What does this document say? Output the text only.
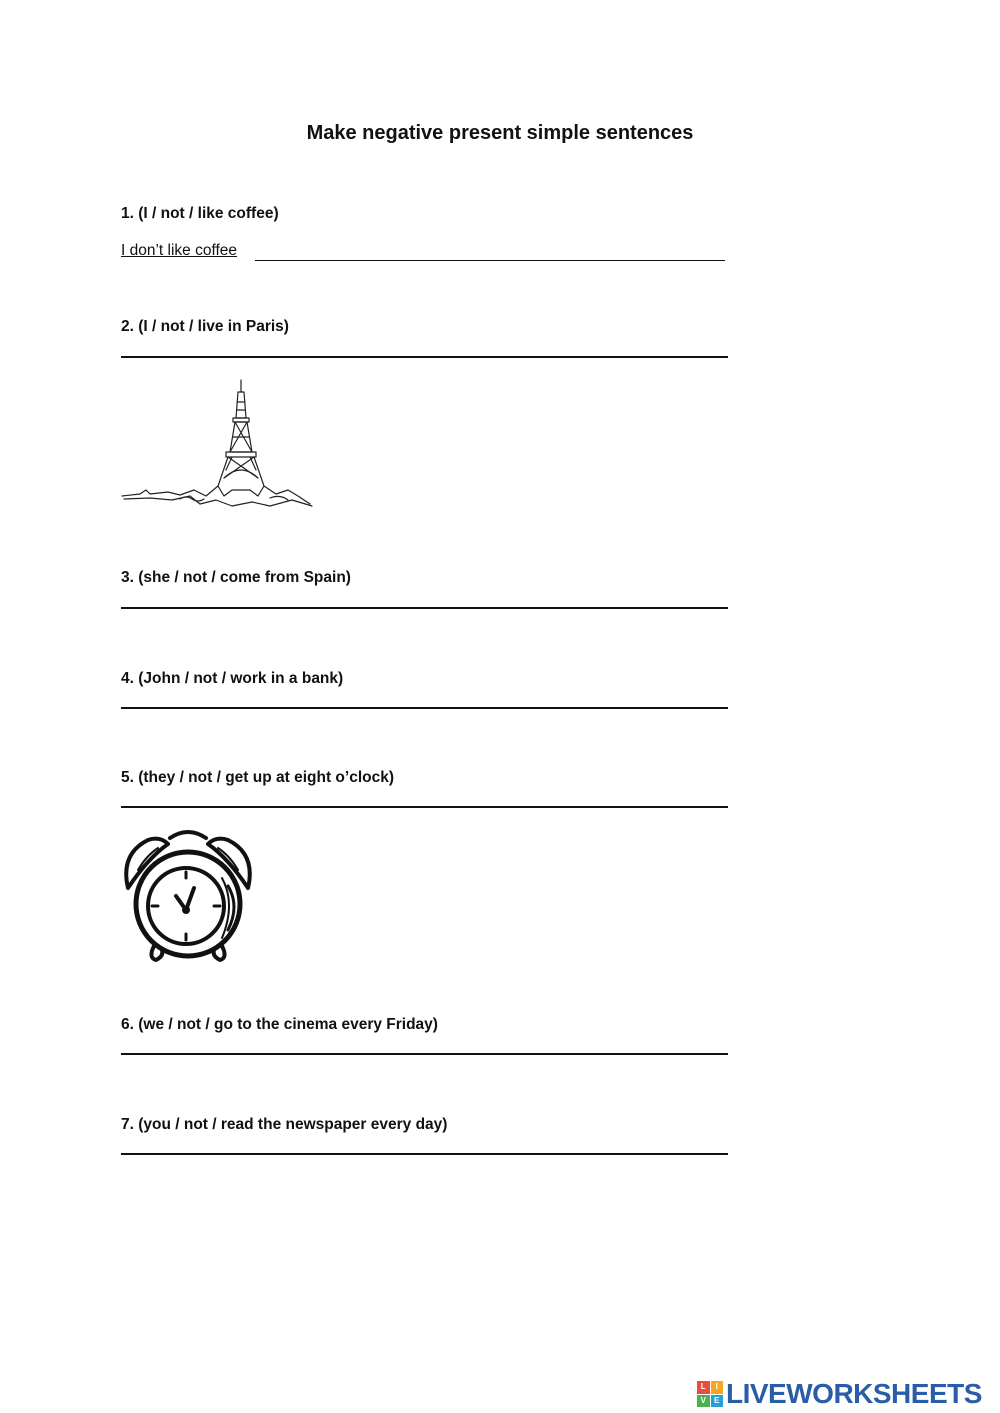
Make negative present simple sentences

1. (I / not / like coffee)

I don’t like coffee

2. (I / not / live in Paris)

3. (she / not / come from Spain)

4. (John / not / work in a bank)

5. (they / not / get up at eight o’clock)

6. (we / not / go to the cinema every Friday)

7. (you / not / read the newspaper every day)

L	I
V	E LIVEWORKSHEETS
